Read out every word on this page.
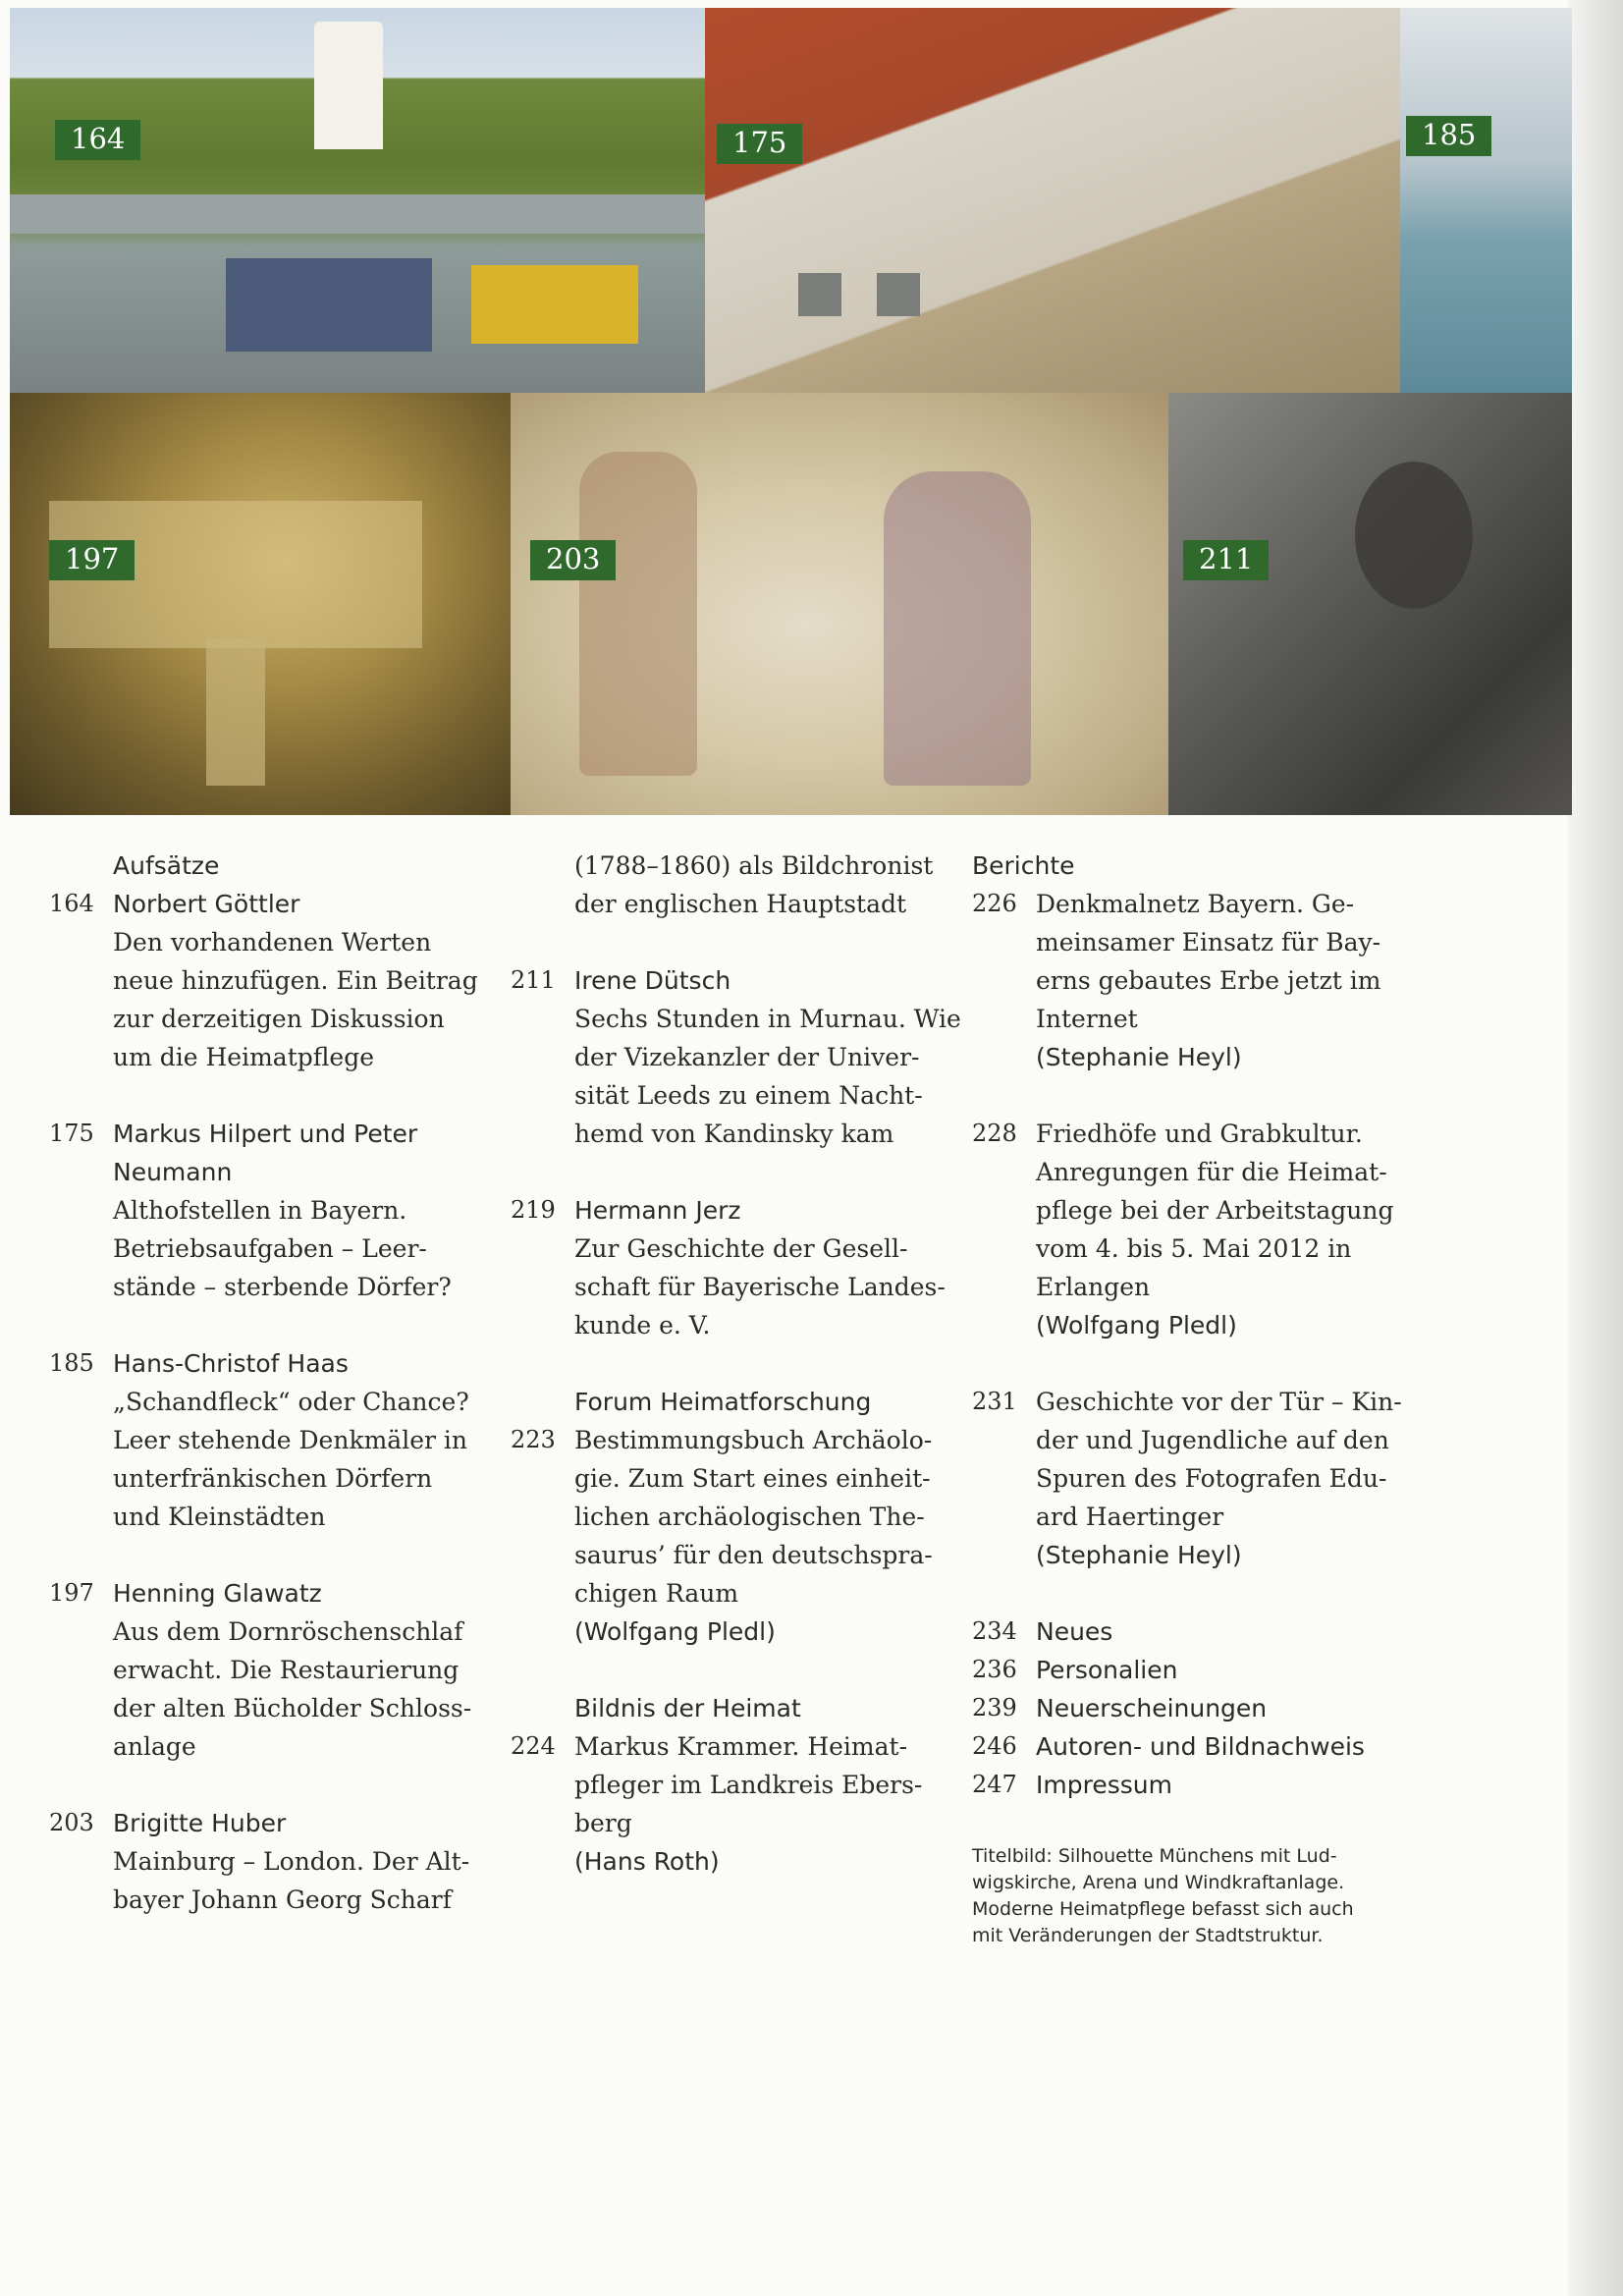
164	175	185
197	203	211
Aufsätze
164 Norbert Göttler
Den vorhandenen Werten
neue hinzufügen. Ein Beitrag
zur derzeitigen Diskussion
um die Heimatpflege
175 Markus Hilpert und Peter
Neumann
Althofstellen in Bayern.
Betriebsaufgaben – Leer-
stände – sterbende Dörfer?
185 Hans-Christof Haas
„Schandfleck“ oder Chance?
Leer stehende Denkmäler in
unterfränkischen Dörfern
und Kleinstädten
197 Henning Glawatz
Aus dem Dornröschenschlaf
erwacht. Die Restaurierung
der alten Bücholder Schloss-
anlage
203 Brigitte Huber
Mainburg – London. Der Alt-
bayer Johann Georg Scharf
(1788–1860) als Bildchronist
der englischen Hauptstadt
211 Irene Dütsch
Sechs Stunden in Murnau. Wie
der Vizekanzler der Univer-
sität Leeds zu einem Nacht-
hemd von Kandinsky kam
219 Hermann Jerz
Zur Geschichte der Gesell-
schaft für Bayerische Landes-
kunde e. V.
Forum Heimatforschung
223 Bestimmungsbuch Archäolo-
gie. Zum Start eines einheit-
lichen archäologischen The-
saurus’ für den deutschspra-
chigen Raum
(Wolfgang Pledl)
Bildnis der Heimat
224 Markus Krammer. Heimat-
pfleger im Landkreis Ebers-
berg
(Hans Roth)
Berichte
226 Denkmalnetz Bayern. Ge-
meinsamer Einsatz für Bay-
erns gebautes Erbe jetzt im
Internet
(Stephanie Heyl)
228 Friedhöfe und Grabkultur.
Anregungen für die Heimat-
pflege bei der Arbeitstagung
vom 4. bis 5. Mai 2012 in
Erlangen
(Wolfgang Pledl)
231 Geschichte vor der Tür – Kin-
der und Jugendliche auf den
Spuren des Fotografen Edu-
ard Haertinger
(Stephanie Heyl)
234 Neues
236 Personalien
239 Neuerscheinungen
246 Autoren- und Bildnachweis
247 Impressum
Titelbild: Silhouette Münchens mit Lud-
wigskirche, Arena und Windkraftanlage.
Moderne Heimatpflege befasst sich auch
mit Veränderungen der Stadtstruktur.
